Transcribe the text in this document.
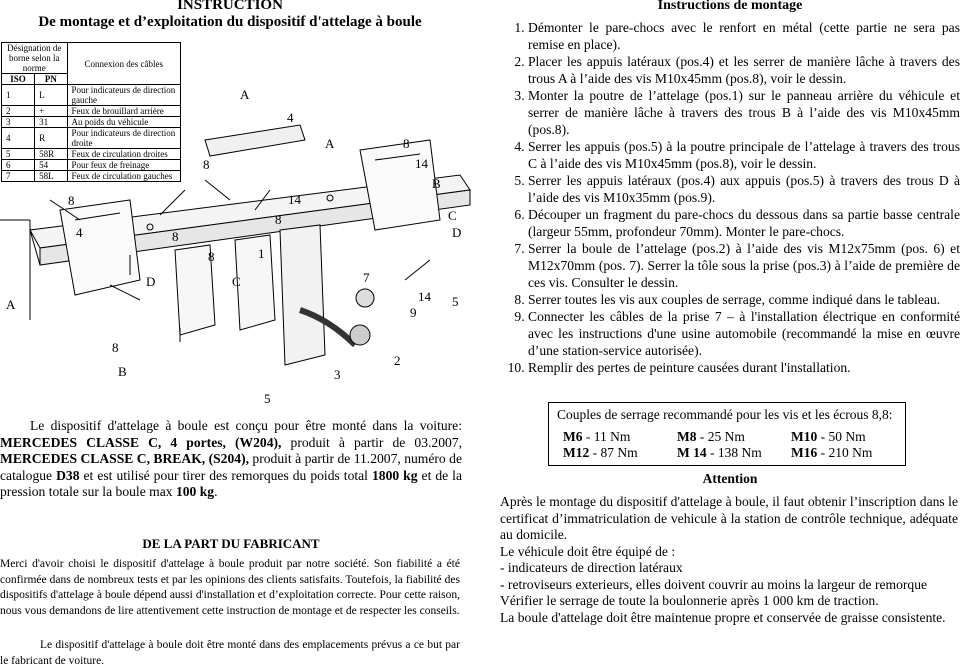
INSTRUCTION
De montage et d’exploitation du dispositif d'attelage à boule
Désignation de borne selon la norme		Connexion des câbles
ISO	PN	
1	L	Pour indicateurs de direction gauche
2	+	Feux de brouillard arrière
3	31	Au poids du véhicule
4	R	Pour indicateurs de direction droite
5	58R	Feux de circulation droites
6	54	Pour feux de freinage
7	58L	Feux de circulation gauches
A
A
A
B
B
C
C
D
D
8
8
8
8
8
8
8
4
4
14
14
14
1
2
3
5
5
7
9
Le dispositif d'attelage à boule est conçu pour être monté dans la voiture: MERCEDES CLASSE C, 4 portes, (W204), produit à partir de 03.2007, MERCEDES CLASSE C, BREAK, (S204), produit à partir de 11.2007, numéro de catalogue D38 et est utilisé pour tirer des remorques du poids total 1800 kg et de la pression totale sur la boule max 100 kg.
DE LA PART DU FABRICANT
Merci d'avoir choisi le dispositif d'attelage à boule produit par notre société. Son fiabilité a été confirmée dans de nombreux tests et par les opinions des clients satisfaits. Toutefois, la fiabilité des dispositifs d'attelage à boule dépend aussi d'installation et d’exploitation correcte. Pour cette raison, nous vous demandons de lire attentivement cette instruction de montage et de respecter les conseils.
Le dispositif d'attelage à boule doit être monté dans des emplacements prévus a ce but par le fabricant de voiture.
Instructions de montage
1. Démonter le pare-chocs avec le renfort en métal (cette partie ne sera pas remise en place).
2. Placer les appuis latéraux (pos.4) et les serrer de manière lâche à travers des trous A à l’aide des vis M10x45mm (pos.8), voir le dessin.
3. Monter la poutre de l’attelage (pos.1) sur le panneau arrière du véhicule et serrer de manière lâche à travers des trous B à l’aide des vis M10x45mm (pos.8).
4. Serrer les appuis (pos.5) à la poutre principale de l’attelage à travers des trous C à l’aide des vis M10x45mm (pos.8), voir le dessin.
5. Serrer les appuis latéraux (pos.4) aux appuis (pos.5) à travers des trous D à l’aide des vis M10x35mm (pos.9).
6. Découper un fragment du pare-chocs du dessous dans sa partie basse centrale (largeur 55mm, profondeur 70mm). Monter le pare-chocs.
7. Serrer la boule de l’attelage (pos.2) à l’aide des vis M12x75mm (pos. 6) et M12x70mm (pos. 7). Serrer la tôle sous la prise (pos.3) à l’aide de première de ces vis. Consulter le dessin.
8. Serrer toutes les vis aux couples de serrage, comme indiqué dans le tableau.
9. Connecter les câbles de la prise 7 – à l'installation électrique en conformité avec les instructions d'une usine automobile (recommandé la mise en œuvre d’une station-service autorisée).
10. Remplir des pertes de peinture causées durant l'installation.
Couples de serrage recommandé pour les vis et les écrous 8,8:
M6 - 11 Nm	M8 - 25 Nm	M10 - 50 Nm
M12 - 87 Nm	M 14 - 138 Nm	M16 - 210 Nm
Attention
Après le montage du dispositif d'attelage à boule, il faut obtenir l’inscription dans le certificat d’immatriculation de vehicule à la station de contrôle technique, adéquate au domicile.
Le véhicule doit être équipé de :
- indicateurs de direction latéraux
- retroviseurs exterieurs, elles doivent couvrir au moins la largeur de remorque
Vérifier le serrage de toute la boulonnerie après 1 000 km de traction.
La boule d'attelage doit être maintenue propre et conservée de graisse consistente.
